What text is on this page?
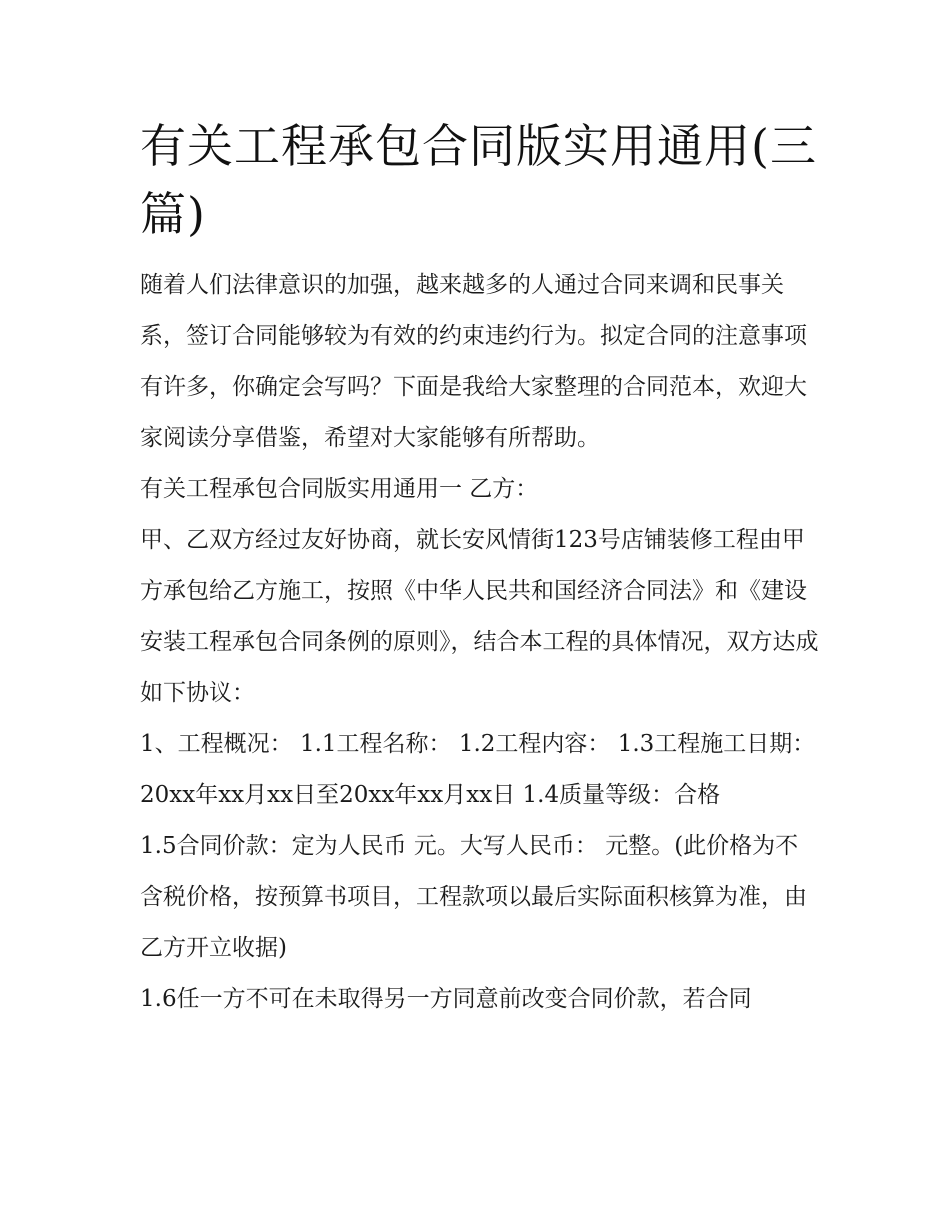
有关工程承包合同版实用通用(三篇)

随着人们法律意识的加强，越来越多的人通过合同来调和民事关系，签订合同能够较为有效的约束违约行为。拟定合同的注意事项有许多，你确定会写吗？下面是我给大家整理的合同范本，欢迎大家阅读分享借鉴，希望对大家能够有所帮助。

有关工程承包合同版实用通用一 乙方：

甲、乙双方经过友好协商，就长安风情街123号店铺装修工程由甲方承包给乙方施工，按照《中华人民共和国经济合同法》和《建设安装工程承包合同条例的原则》，结合本工程的具体情况，双方达成如下协议：

1、工程概况： 1.1工程名称： 1.2工程内容： 1.3工程施工日期：20xx年xx月xx日至20xx年xx月xx日 1.4质量等级：合格

1.5合同价款：定为人民币 元。大写人民币： 元整。(此价格为不含税价格，按预算书项目，工程款项以最后实际面积核算为准，由乙方开立收据)

1.6任一方不可在未取得另一方同意前改变合同价款，若合同
